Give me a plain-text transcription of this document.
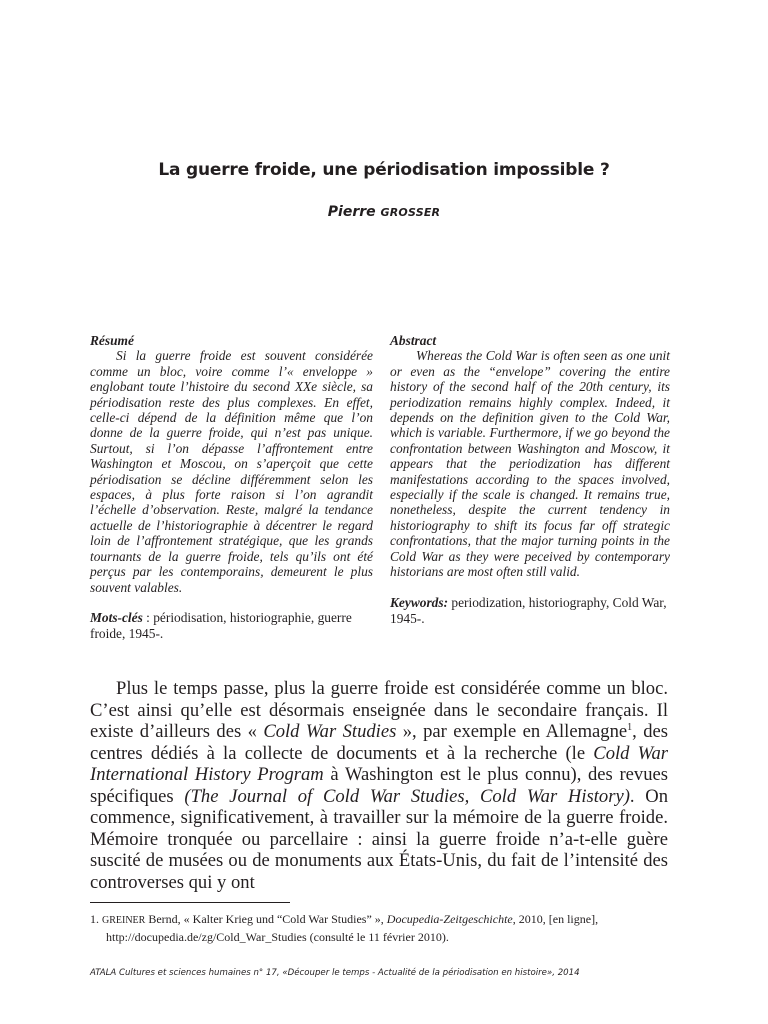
La guerre froide, une périodisation impossible ?
Pierre GROSSER

Résumé

Si la guerre froide est souvent considérée comme un bloc, voire comme l’« enveloppe » englobant toute l’histoire du second XXe siècle, sa périodisation reste des plus complexes. En effet, celle-ci dépend de la définition même que l’on donne de la guerre froide, qui n’est pas unique. Surtout, si l’on dépasse l’affrontement entre Washington et Moscou, on s’aperçoit que cette périodisation se décline différemment selon les espaces, à plus forte raison si l’on agrandit l’échelle d’observation. Reste, malgré la tendance actuelle de l’historiographie à décentrer le regard loin de l’affrontement stratégique, que les grands tournants de la guerre froide, tels qu’ils ont été perçus par les contemporains, demeurent le plus souvent valables.

Mots-clés : périodisation, historiographie, guerre froide, 1945-.

Abstract

Whereas the Cold War is often seen as one unit or even as the “envelope” covering the entire history of the second half of the 20th century, its periodization remains highly complex. Indeed, it depends on the definition given to the Cold War, which is variable. Furthermore, if we go beyond the confrontation between Washington and Moscow, it appears that the periodization has different manifestations according to the spaces involved, especially if the scale is changed. It remains true, nonetheless, despite the current tendency in historiography to shift its focus far off strategic confrontations, that the major turning points in the Cold War as they were peceived by contemporary historians are most often still valid.

Keywords: periodization, historiography, Cold War, 1945-.

Plus le temps passe, plus la guerre froide est considérée comme un bloc. C’est ainsi qu’elle est désormais enseignée dans le secondaire français. Il existe d’ailleurs des « Cold War Studies », par exemple en Allemagne$^1$, des centres dédiés à la collecte de documents et à la recherche (le Cold War International History Program à Washington est le plus connu), des revues spécifiques (The Journal of Cold War Studies, Cold War History). On commence, significativement, à travailler sur la mémoire de la guerre froide. Mémoire tronquée ou parcellaire : ainsi la guerre froide n’a-t-elle guère suscité de musées ou de monuments aux États-Unis, du fait de l’intensité des controverses qui y ont

1. GREINER Bernd, « Kalter Krieg und “Cold War Studies” », Docupedia-Zeitgeschichte, 2010, [en ligne],
http://docupedia.de/zg/Cold_War_Studies (consulté le 11 février 2010).

ATALA Cultures et sciences humaines n° 17, «Découper le temps - Actualité de la périodisation en histoire», 2014
